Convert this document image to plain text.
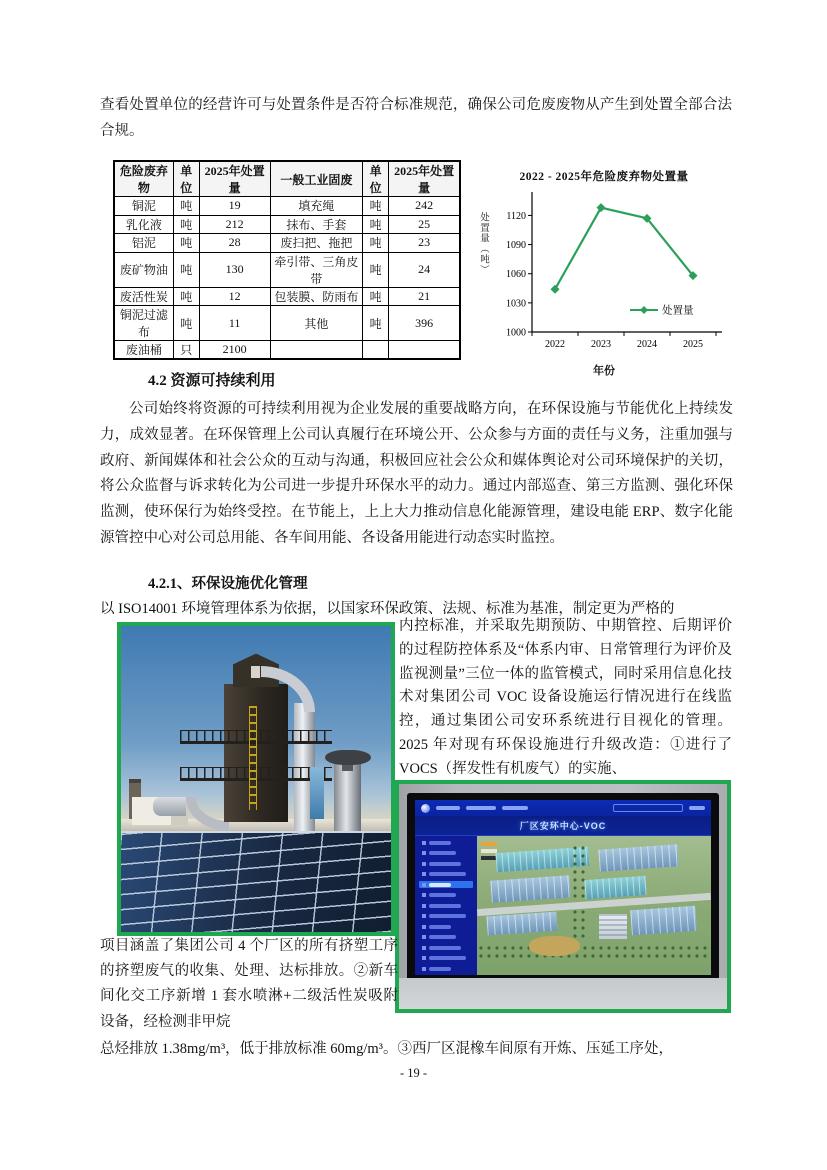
查看处置单位的经营许可与处置条件是否符合标准规范，确保公司危废废物从产生到处置全部合法合规。
危险废弃物	单位	2025年处置量	一般工业固废	单位	2025年处置量
铜泥	吨	19	填充绳	吨	242
乳化液	吨	212	抹布、手套	吨	25
铝泥	吨	28	废扫把、拖把	吨	23
废矿物油	吨	130	牵引带、三角皮带	吨	24
废活性炭	吨	12	包装膜、防雨布	吨	21
铜泥过滤布	吨	11	其他	吨	396
废油桶	只	2100			
2022 - 2025年危险废弃物处置量
处置量（吨）
1000
1030
1060
1090
1120
2022	2023	2024	2025
处置量
年份
4.2 资源可持续利用
公司始终将资源的可持续利用视为企业发展的重要战略方向，在环保设施与节能优化上持续发力，成效显著。在环保管理上公司认真履行在环境公开、公众参与方面的责任与义务，注重加强与政府、新闻媒体和社会公众的互动与沟通，积极回应社会公众和媒体舆论对公司环境保护的关切，将公众监督与诉求转化为公司进一步提升环保水平的动力。通过内部巡查、第三方监测、强化环保监测，使环保行为始终受控。在节能上，上上大力推动信息化能源管理，建设电能 ERP、数字化能源管控中心对公司总用能、各车间用能、各设备用能进行动态实时监控。
4.2.1、环保设施优化管理
以 ISO14001 环境管理体系为依据，以国家环保政策、法规、标准为基准，制定更为严格的
内控标准，并采取先期预防、中期管控、后期评价的过程防控体系及“体系内审、日常管理行为评价及监视测量”三位一体的监管模式，同时采用信息化技术对集团公司 VOC 设备设施运行情况进行在线监控，通过集团公司安环系统进行目视化的管理。2025 年对现有环保设施进行升级改造：①进行了 VOCS（挥发性有机废气）的实施、
厂区安环中心-VOC
项目涵盖了集团公司 4 个厂区的所有挤塑工序的挤塑废气的收集、处理、达标排放。②新车间化交工序新增 1 套水喷淋+二级活性炭吸附设备，经检测非甲烷
总烃排放 1.38mg/m³，低于排放标准 60mg/m³。③西厂区混橡车间原有开炼、压延工序处，
- 19 -
